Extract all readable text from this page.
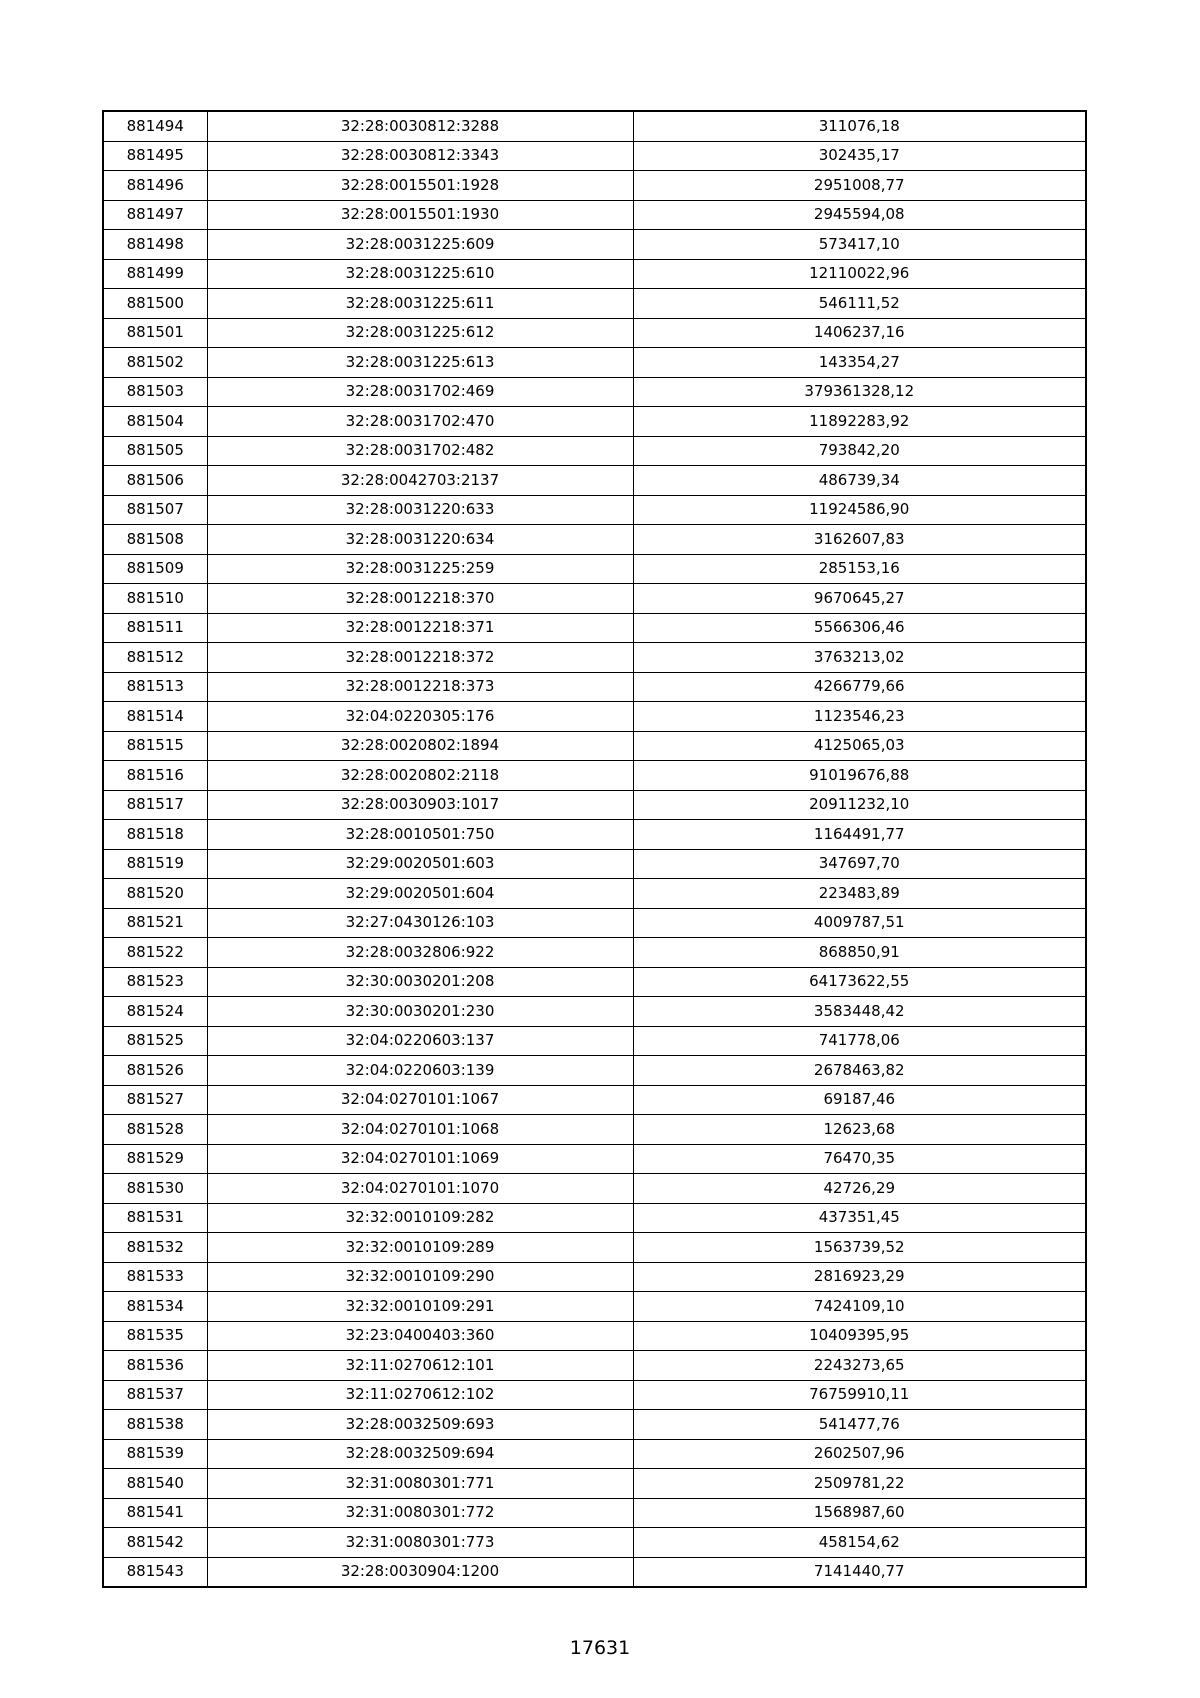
881494	32:28:0030812:3288	311076,18
881495	32:28:0030812:3343	302435,17
881496	32:28:0015501:1928	2951008,77
881497	32:28:0015501:1930	2945594,08
881498	32:28:0031225:609	573417,10
881499	32:28:0031225:610	12110022,96
881500	32:28:0031225:611	546111,52
881501	32:28:0031225:612	1406237,16
881502	32:28:0031225:613	143354,27
881503	32:28:0031702:469	379361328,12
881504	32:28:0031702:470	11892283,92
881505	32:28:0031702:482	793842,20
881506	32:28:0042703:2137	486739,34
881507	32:28:0031220:633	11924586,90
881508	32:28:0031220:634	3162607,83
881509	32:28:0031225:259	285153,16
881510	32:28:0012218:370	9670645,27
881511	32:28:0012218:371	5566306,46
881512	32:28:0012218:372	3763213,02
881513	32:28:0012218:373	4266779,66
881514	32:04:0220305:176	1123546,23
881515	32:28:0020802:1894	4125065,03
881516	32:28:0020802:2118	91019676,88
881517	32:28:0030903:1017	20911232,10
881518	32:28:0010501:750	1164491,77
881519	32:29:0020501:603	347697,70
881520	32:29:0020501:604	223483,89
881521	32:27:0430126:103	4009787,51
881522	32:28:0032806:922	868850,91
881523	32:30:0030201:208	64173622,55
881524	32:30:0030201:230	3583448,42
881525	32:04:0220603:137	741778,06
881526	32:04:0220603:139	2678463,82
881527	32:04:0270101:1067	69187,46
881528	32:04:0270101:1068	12623,68
881529	32:04:0270101:1069	76470,35
881530	32:04:0270101:1070	42726,29
881531	32:32:0010109:282	437351,45
881532	32:32:0010109:289	1563739,52
881533	32:32:0010109:290	2816923,29
881534	32:32:0010109:291	7424109,10
881535	32:23:0400403:360	10409395,95
881536	32:11:0270612:101	2243273,65
881537	32:11:0270612:102	76759910,11
881538	32:28:0032509:693	541477,76
881539	32:28:0032509:694	2602507,96
881540	32:31:0080301:771	2509781,22
881541	32:31:0080301:772	1568987,60
881542	32:31:0080301:773	458154,62
881543	32:28:0030904:1200	7141440,77
17631
